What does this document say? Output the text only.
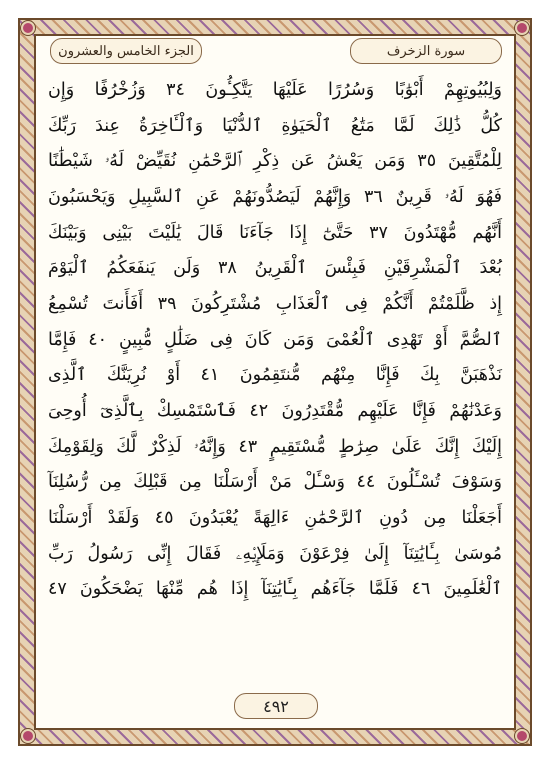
الجزء الخامس والعشرون	سورة الزخرف
وَلِبُيُوتِهِمْ أَبْوَٰبًا وَسُرُرًا عَلَيْهَا يَتَّكِـُٔونَ ٣٤ وَزُخْرُفًا وَإِن
كُلُّ ذَٰلِكَ لَمَّا مَتَٰعُ ٱلْحَيَوٰةِ ٱلدُّنْيَا وَٱلْـَٔاخِرَةُ عِندَ رَبِّكَ
لِلْمُتَّقِينَ ٣٥ وَمَن يَعْشُ عَن ذِكْرِ ٱلرَّحْمَٰنِ نُقَيِّضْ لَهُۥ شَيْطَٰنًا
فَهُوَ لَهُۥ قَرِينٌ ٣٦ وَإِنَّهُمْ لَيَصُدُّونَهُمْ عَنِ ٱلسَّبِيلِ وَيَحْسَبُونَ
أَنَّهُم مُّهْتَدُونَ ٣٧ حَتَّىٰٓ إِذَا جَآءَنَا قَالَ يَٰلَيْتَ بَيْنِى وَبَيْنَكَ
بُعْدَ ٱلْمَشْرِقَيْنِ فَبِئْسَ ٱلْقَرِينُ ٣٨ وَلَن يَنفَعَكُمُ ٱلْيَوْمَ
إِذ ظَّلَمْتُمْ أَنَّكُمْ فِى ٱلْعَذَابِ مُشْتَرِكُونَ ٣٩ أَفَأَنتَ تُسْمِعُ
ٱلصُّمَّ أَوْ تَهْدِى ٱلْعُمْىَ وَمَن كَانَ فِى ضَلَٰلٍ مُّبِينٍ ٤٠ فَإِمَّا
نَذْهَبَنَّ بِكَ فَإِنَّا مِنْهُم مُّنتَقِمُونَ ٤١ أَوْ نُرِيَنَّكَ ٱلَّذِى
وَعَدْنَٰهُمْ فَإِنَّا عَلَيْهِم مُّقْتَدِرُونَ ٤٢ فَٱسْتَمْسِكْ بِٱلَّذِىٓ أُوحِىَ
إِلَيْكَ إِنَّكَ عَلَىٰ صِرَٰطٍ مُّسْتَقِيمٍ ٤٣ وَإِنَّهُۥ لَذِكْرٌ لَّكَ وَلِقَوْمِكَ
وَسَوْفَ تُسْـَٔلُونَ ٤٤ وَسْـَٔلْ مَنْ أَرْسَلْنَا مِن قَبْلِكَ مِن رُّسُلِنَآ
أَجَعَلْنَا مِن دُونِ ٱلرَّحْمَٰنِ ءَالِهَةً يُعْبَدُونَ ٤٥ وَلَقَدْ أَرْسَلْنَا
مُوسَىٰ بِـَٔايَٰتِنَآ إِلَىٰ فِرْعَوْنَ وَمَلَإِي۟هِۦ فَقَالَ إِنِّى رَسُولُ رَبِّ
ٱلْعَٰلَمِينَ ٤٦ فَلَمَّا جَآءَهُم بِـَٔايَٰتِنَآ إِذَا هُم مِّنْهَا يَضْحَكُونَ ٤٧
٤٩٢
